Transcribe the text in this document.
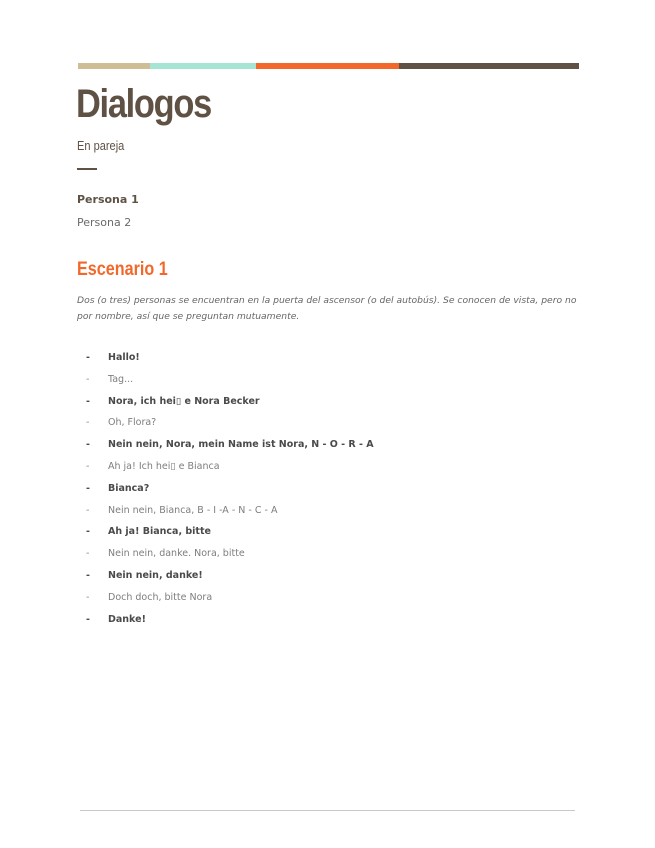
Dialogos
En pareja
Persona 1
Persona 2
Escenario 1

Dos (o tres) personas se encuentran en la puerta del ascensor (o del autobús). Se conocen de vista, pero no por nombre, así que se preguntan mutuamente.

-	Hallo!
-	Tag...
-	Nora, ich hei▯ e Nora Becker
-	Oh, Flora?
-	Nein nein, Nora, mein Name ist Nora, N - O - R - A
-	Ah ja! Ich hei▯ e Bianca
-	Bianca?
-	Nein nein, Bianca, B - I -A - N - C - A
-	Ah ja! Bianca, bitte
-	Nein nein, danke. Nora, bitte
-	Nein nein, danke!
-	Doch doch, bitte Nora
-	Danke!
